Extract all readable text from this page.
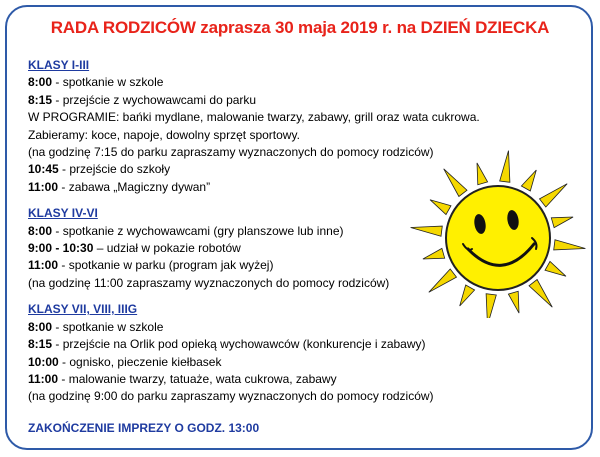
RADA RODZICÓW zaprasza 30 maja 2019 r. na DZIEŃ DZIECKA
KLASY I-III
8:00 - spotkanie w szkole
8:15 - przejście z wychowawcami do parku
W PROGRAMIE: bańki mydlane, malowanie twarzy, zabawy, grill oraz wata cukrowa.
Zabieramy: koce, napoje, dowolny sprzęt sportowy.
(na godzinę 7:15 do parku zapraszamy wyznaczonych do pomocy rodziców)
10:45 - przejście do szkoły
11:00 - zabawa „Magiczny dywan”
KLASY IV-VI
8:00 - spotkanie z wychowawcami (gry planszowe lub inne)
9:00 - 10:30 – udział w pokazie robotów
11:00 - spotkanie w parku (program jak wyżej)
(na godzinę 11:00 zapraszamy wyznaczonych do pomocy rodziców)
KLASY VII, VIII, IIIG
8:00 - spotkanie w szkole
8:15 - przejście na Orlik pod opieką wychowawców (konkurencje i zabawy)
10:00 - ognisko, pieczenie kiełbasek
11:00 - malowanie twarzy, tatuaże, wata cukrowa, zabawy
(na godzinę 9:00 do parku zapraszamy wyznaczonych do pomocy rodziców)
ZAKOŃCZENIE IMPREZY O GODZ. 13:00
